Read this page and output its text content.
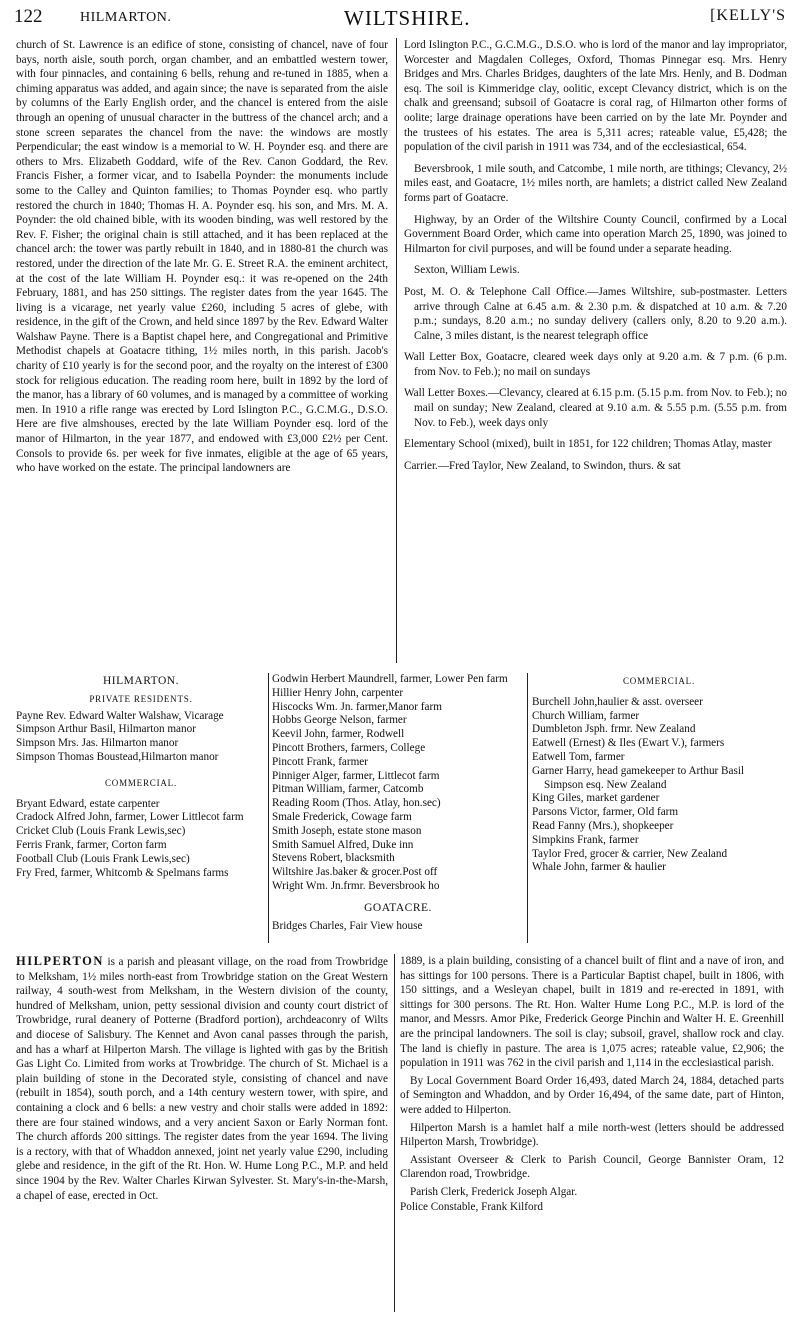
122	HILMARTON.	WILTSHIRE.	[KELLY'S

church of St. Lawrence is an edifice of stone, consisting of chancel, nave of four bays, north aisle, south porch, organ chamber, and an embattled western tower, with four pinnacles, and containing 6 bells, rehung and re-tuned in 1885, when a chiming apparatus was added, and again since; the nave is separated from the aisle by columns of the Early English order, and the chancel is entered from the aisle through an opening of unusual character in the buttress of the chancel arch; and a stone screen separates the chancel from the nave: the windows are mostly Perpendicular; the east window is a memorial to W. H. Poynder esq. and there are others to Mrs. Elizabeth Goddard, wife of the Rev. Canon Goddard, the Rev. Francis Fisher, a former vicar, and to Isabella Poynder: the monuments include some to the Calley and Quinton families; to Thomas Poynder esq. who partly restored the church in 1840; Thomas H. A. Poynder esq. his son, and Mrs. M. A. Poynder: the old chained bible, with its wooden binding, was well restored by the Rev. F. Fisher; the original chain is still attached, and it has been replaced at the chancel arch: the tower was partly rebuilt in 1840, and in 1880-81 the church was restored, under the direction of the late Mr. G. E. Street R.A. the eminent architect, at the cost of the late William H. Poynder esq.: it was re-opened on the 24th February, 1881, and has 250 sittings. The register dates from the year 1645. The living is a vicarage, net yearly value £260, including 5 acres of glebe, with residence, in the gift of the Crown, and held since 1897 by the Rev. Edward Walter Walshaw Payne. There is a Baptist chapel here, and Congregational and Primitive Methodist chapels at Goatacre tithing, 1½ miles north, in this parish. Jacob's charity of £10 yearly is for the second poor, and the royalty on the interest of £300 stock for religious education. The reading room here, built in 1892 by the lord of the manor, has a library of 60 volumes, and is managed by a committee of working men. In 1910 a rifle range was erected by Lord Islington P.C., G.C.M.G., D.S.O. Here are five almshouses, erected by the late William Poynder esq. lord of the manor of Hilmarton, in the year 1877, and endowed with £3,000 £2½ per Cent. Consols to provide 6s. per week for five inmates, eligible at the age of 65 years, who have worked on the estate. The principal landowners are

Lord Islington P.C., G.C.M.G., D.S.O. who is lord of the manor and lay impropriator, Worcester and Magdalen Colleges, Oxford, Thomas Pinnegar esq. Mrs. Henry Bridges and Mrs. Charles Bridges, daughters of the late Mrs. Henly, and B. Dodman esq. The soil is Kimmeridge clay, oolitic, except Clevancy district, which is on the chalk and greensand; subsoil of Goatacre is coral rag, of Hilmarton other forms of oolite; large drainage operations have been carried on by the late Mr. Poynder and the trustees of his estates. The area is 5,311 acres; rateable value, £5,428; the population of the civil parish in 1911 was 734, and of the ecclesiastical, 654.

Beversbrook, 1 mile south, and Catcombe, 1 mile north, are tithings; Clevancy, 2½ miles east, and Goatacre, 1½ miles north, are hamlets; a district called New Zealand forms part of Goatacre.

Highway, by an Order of the Wiltshire County Council, confirmed by a Local Government Board Order, which came into operation March 25, 1890, was joined to Hilmarton for civil purposes, and will be found under a separate heading.

Sexton, William Lewis.

Post, M. O. & Telephone Call Office.—James Wiltshire, sub-postmaster. Letters arrive through Calne at 6.45 a.m. & 2.30 p.m. & dispatched at 10 a.m. & 7.20 p.m.; sundays, 8.20 a.m.; no sunday delivery (callers only, 8.20 to 9.20 a.m.). Calne, 3 miles distant, is the nearest telegraph office

Wall Letter Box, Goatacre, cleared week days only at 9.20 a.m. & 7 p.m. (6 p.m. from Nov. to Feb.); no mail on sundays

Wall Letter Boxes.—Clevancy, cleared at 6.15 p.m. (5.15 p.m. from Nov. to Feb.); no mail on sunday; New Zealand, cleared at 9.10 a.m. & 5.55 p.m. (5.55 p.m. from Nov. to Feb.), week days only

Elementary School (mixed), built in 1851, for 122 children; Thomas Atlay, master

Carrier.—Fred Taylor, New Zealand, to Swindon, thurs. & sat

HILMARTON.
PRIVATE RESIDENTS.

Payne Rev. Edward Walter Walshaw, Vicarage

Simpson Arthur Basil, Hilmarton manor

Simpson Mrs. Jas. Hilmarton manor

Simpson Thomas Boustead,Hilmarton manor

COMMERCIAL.

Bryant Edward, estate carpenter

Cradock Alfred John, farmer, Lower Littlecot farm

Cricket Club (Louis Frank Lewis,sec)

Ferris Frank, farmer, Corton farm

Football Club (Louis Frank Lewis,sec)

Fry Fred, farmer, Whitcomb & Spelmans farms

Godwin Herbert Maundrell, farmer, Lower Pen farm

Hillier Henry John, carpenter

Hiscocks Wm. Jn. farmer,Manor farm

Hobbs George Nelson, farmer

Keevil John, farmer, Rodwell

Pincott Brothers, farmers, College

Pincott Frank, farmer

Pinniger Alger, farmer, Littlecot farm

Pitman William, farmer, Catcomb

Reading Room (Thos. Atlay, hon.sec)

Smale Frederick, Cowage farm

Smith Joseph, estate stone mason

Smith Samuel Alfred, Duke inn

Stevens Robert, blacksmith

Wiltshire Jas.baker & grocer.Post off

Wright Wm. Jn.frmr. Beversbrook ho

GOATACRE.

Bridges Charles, Fair View house

COMMERCIAL.

Burchell John,haulier & asst. overseer

Church William, farmer

Dumbleton Jsph. frmr. New Zealand

Eatwell (Ernest) & Iles (Ewart V.), farmers

Eatwell Tom, farmer

Garner Harry, head gamekeeper to Arthur Basil Simpson esq. New Zealand

King Giles, market gardener

Parsons Victor, farmer, Old farm

Read Fanny (Mrs.), shopkeeper

Simpkins Frank, farmer

Taylor Fred, grocer & carrier, New Zealand

Whale John, farmer & haulier

HILPERTON is a parish and pleasant village, on the road from Trowbridge to Melksham, 1½ miles north-east from Trowbridge station on the Great Western railway, 4 south-west from Melksham, in the Western division of the county, hundred of Melksham, union, petty sessional division and county court district of Trowbridge, rural deanery of Potterne (Bradford portion), archdeaconry of Wilts and diocese of Salisbury. The Kennet and Avon canal passes through the parish, and has a wharf at Hilperton Marsh. The village is lighted with gas by the British Gas Light Co. Limited from works at Trowbridge. The church of St. Michael is a plain building of stone in the Decorated style, consisting of chancel and nave (rebuilt in 1854), south porch, and a 14th century western tower, with spire, and containing a clock and 6 bells: a new vestry and choir stalls were added in 1892: there are four stained windows, and a very ancient Saxon or Early Norman font. The church affords 200 sittings. The register dates from the year 1694. The living is a rectory, with that of Whaddon annexed, joint net yearly value £290, including glebe and residence, in the gift of the Rt. Hon. W. Hume Long P.C., M.P. and held since 1904 by the Rev. Walter Charles Kirwan Sylvester. St. Mary's-in-the-Marsh, a chapel of ease, erected in Oct.

1889, is a plain building, consisting of a chancel built of flint and a nave of iron, and has sittings for 100 persons. There is a Particular Baptist chapel, built in 1806, with 150 sittings, and a Wesleyan chapel, built in 1819 and re-erected in 1891, with sittings for 300 persons. The Rt. Hon. Walter Hume Long P.C., M.P. is lord of the manor, and Messrs. Amor Pike, Frederick George Pinchin and Walter H. E. Greenhill are the principal landowners. The soil is clay; subsoil, gravel, shallow rock and clay. The land is chiefly in pasture. The area is 1,075 acres; rateable value, £2,906; the population in 1911 was 762 in the civil parish and 1,114 in the ecclesiastical parish.

By Local Government Board Order 16,493, dated March 24, 1884, detached parts of Semington and Whaddon, and by Order 16,494, of the same date, part of Hinton, were added to Hilperton.

Hilperton Marsh is a hamlet half a mile north-west (letters should be addressed Hilperton Marsh, Trowbridge).

Assistant Overseer & Clerk to Parish Council, George Bannister Oram, 12 Clarendon road, Trowbridge.

Parish Clerk, Frederick Joseph Algar.

Police Constable, Frank Kilford
